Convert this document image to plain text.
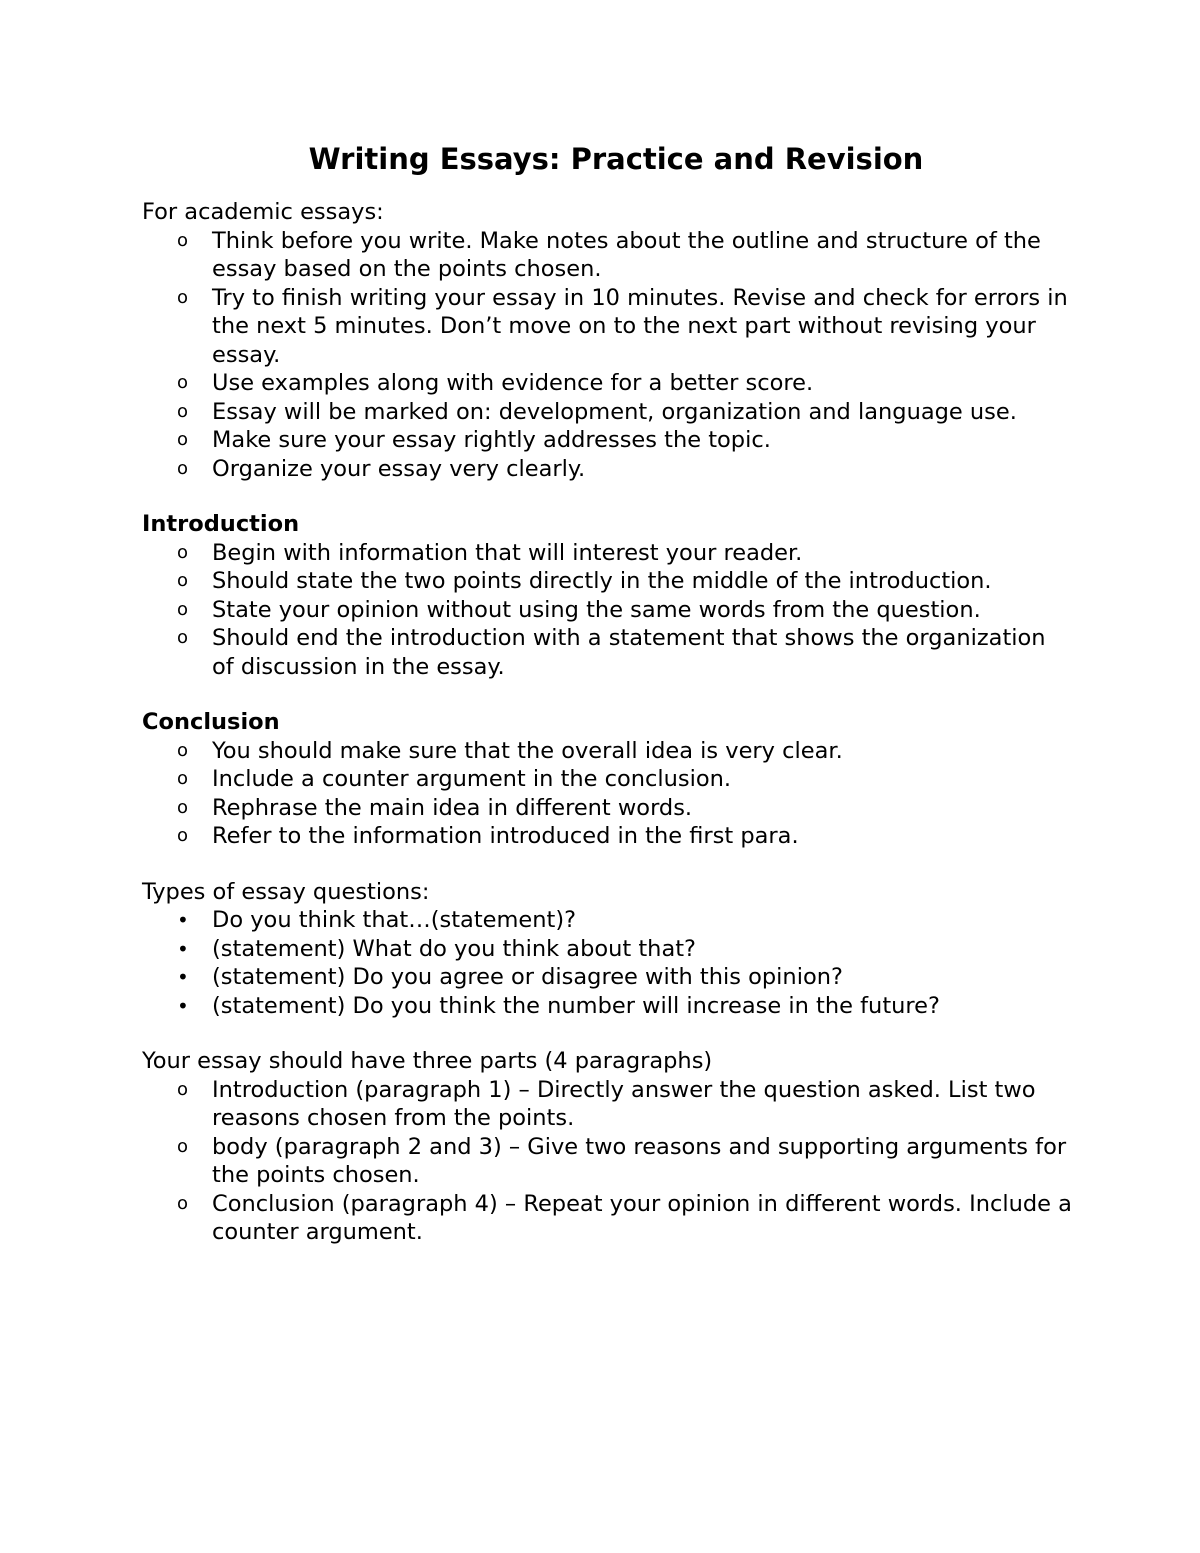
Writing Essays: Practice and Revision

For academic essays:

o	Think before you write. Make notes about the outline and structure of the essay based on the points chosen.
o	Try to finish writing your essay in 10 minutes. Revise and check for errors in the next 5 minutes. Don’t move on to the next part without revising your essay.
o	Use examples along with evidence for a better score.
o	Essay will be marked on: development, organization and language use.
o	Make sure your essay rightly addresses the topic.
o	Organize your essay very clearly.

Introduction

o	Begin with information that will interest your reader.
o	Should state the two points directly in the middle of the introduction.
o	State your opinion without using the same words from the question.
o	Should end the introduction with a statement that shows the organization of discussion in the essay.

Conclusion

o	You should make sure that the overall idea is very clear.
o	Include a counter argument in the conclusion.
o	Rephrase the main idea in different words.
o	Refer to the information introduced in the first para.

Types of essay questions:

•	Do you think that…(statement)?
•	(statement) What do you think about that?
•	(statement) Do you agree or disagree with this opinion?
•	(statement) Do you think the number will increase in the future?

Your essay should have three parts (4 paragraphs)

o	Introduction (paragraph 1) – Directly answer the question asked. List two reasons chosen from the points.
o	body (paragraph 2 and 3) – Give two reasons and supporting arguments for the points chosen.
o	Conclusion (paragraph 4) – Repeat your opinion in different words. Include a counter argument.
